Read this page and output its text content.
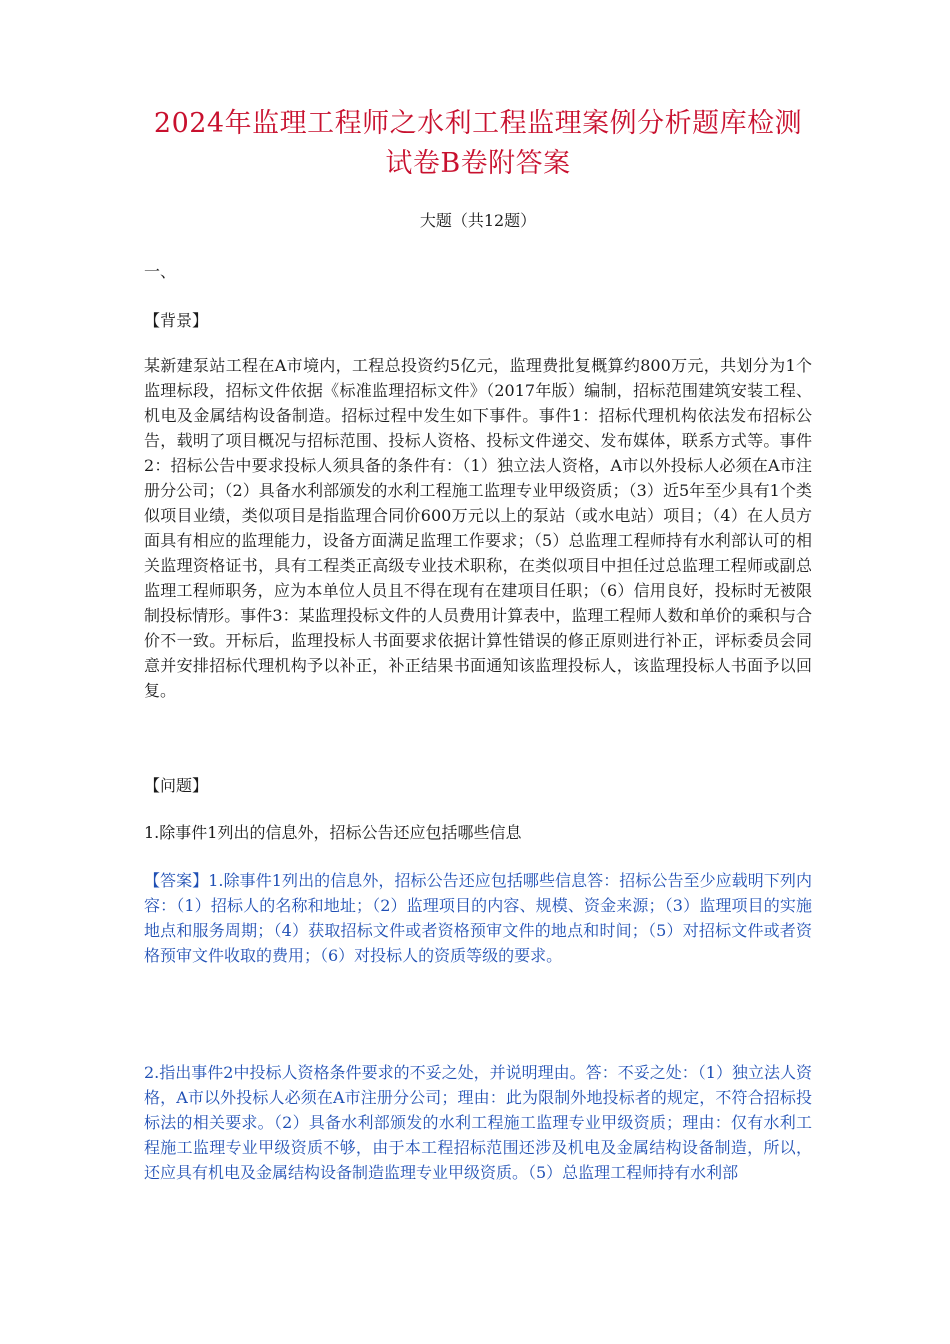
2024年监理工程师之水利工程监理案例分析题库检测试卷B卷附答案
大题（共12题）
一、
【背景】
某新建泵站工程在A市境内，工程总投资约5亿元，监理费批复概算约800万元，共划分为1个监理标段，招标文件依据《标准监理招标文件》（2017年版）编制，招标范围建筑安装工程、机电及金属结构设备制造。招标过程中发生如下事件。事件1：招标代理机构依法发布招标公告，载明了项目概况与招标范围、投标人资格、投标文件递交、发布媒体，联系方式等。事件2：招标公告中要求投标人须具备的条件有：（1）独立法人资格，A市以外投标人必须在A市注册分公司；（2）具备水利部颁发的水利工程施工监理专业甲级资质；（3）近5年至少具有1个类似项目业绩，类似项目是指监理合同价600万元以上的泵站（或水电站）项目；（4）在人员方面具有相应的监理能力，设备方面满足监理工作要求；（5）总监理工程师持有水利部认可的相关监理资格证书，具有工程类正高级专业技术职称，在类似项目中担任过总监理工程师或副总监理工程师职务，应为本单位人员且不得在现有在建项目任职；（6）信用良好，投标时无被限制投标情形。事件3：某监理投标文件的人员费用计算表中，监理工程师人数和单价的乘积与合价不一致。开标后，监理投标人书面要求依据计算性错误的修正原则进行补正，评标委员会同意并安排招标代理机构予以补正，补正结果书面通知该监理投标人，该监理投标人书面予以回复。
【问题】
1.除事件1列出的信息外，招标公告还应包括哪些信息
【答案】1.除事件1列出的信息外，招标公告还应包括哪些信息答：招标公告至少应载明下列内容：（1）招标人的名称和地址；（2）监理项目的内容、规模、资金来源；（3）监理项目的实施地点和服务周期；（4）获取招标文件或者资格预审文件的地点和时间；（5）对招标文件或者资格预审文件收取的费用；（6）对投标人的资质等级的要求。
2.指出事件2中投标人资格条件要求的不妥之处，并说明理由。答：不妥之处：（1）独立法人资格，A市以外投标人必须在A市注册分公司；理由：此为限制外地投标者的规定，不符合招标投标法的相关要求。（2）具备水利部颁发的水利工程施工监理专业甲级资质；理由：仅有水利工程施工监理专业甲级资质不够，由于本工程招标范围还涉及机电及金属结构设备制造，所以，还应具有机电及金属结构设备制造监理专业甲级资质。（5）总监理工程师持有水利部
